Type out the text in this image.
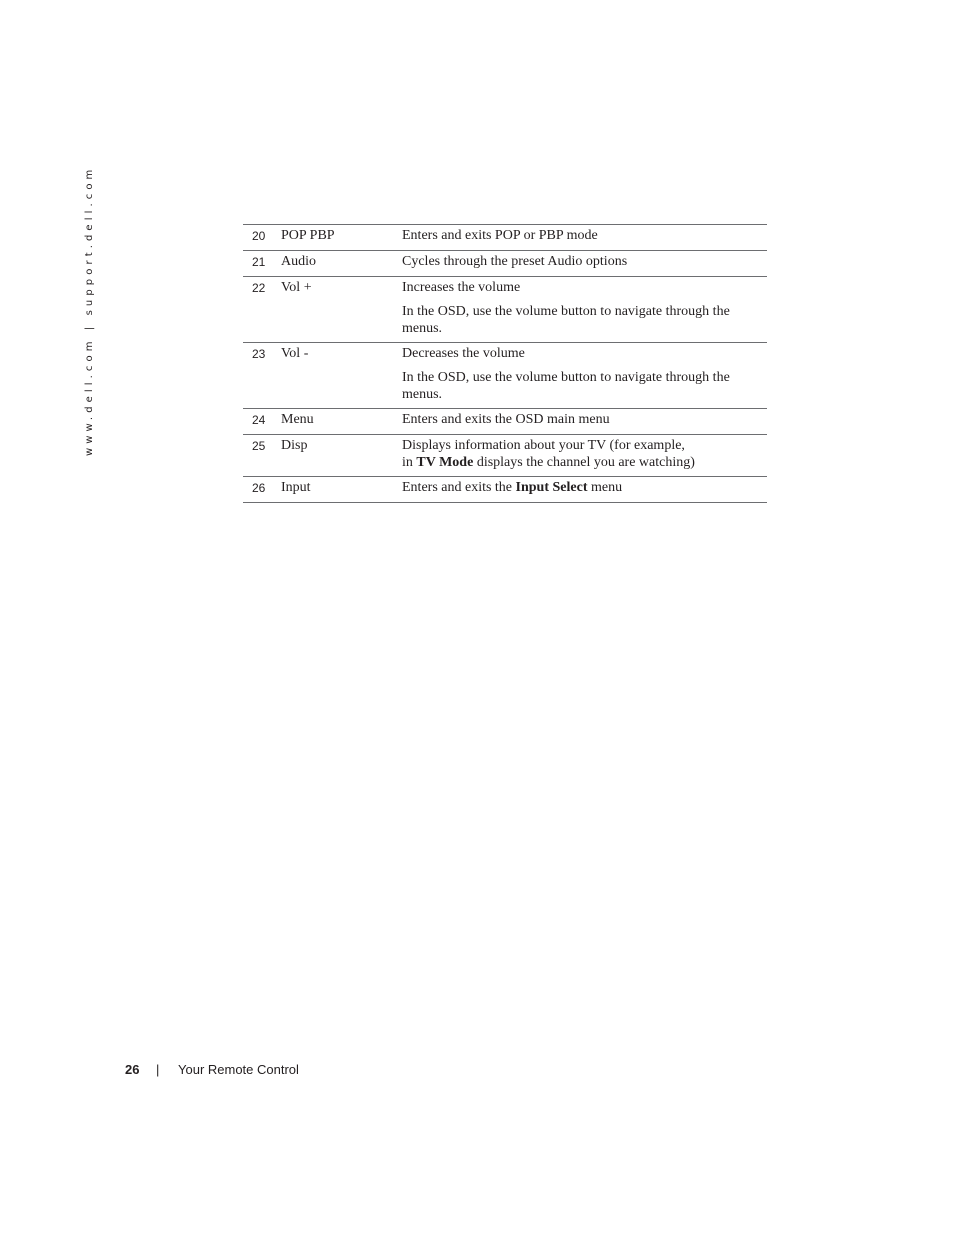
www.dell.com | support.dell.com	20	POP PBP	Enters and exits POP or PBP mode

21	Audio	Cycles through the preset Audio options

22	Vol +	Increases the volume

In the OSD, use the volume button to navigate through the menus.

23	Vol -	Decreases the volume

In the OSD, use the volume button to navigate through the menus.

24	Menu	Enters and exits the OSD main menu

25	Disp	Displays information about your TV (for example,
in TV Mode displays the channel you are watching)

26	Input	Enters and exits the Input Select menu

26 | Your Remote Control
